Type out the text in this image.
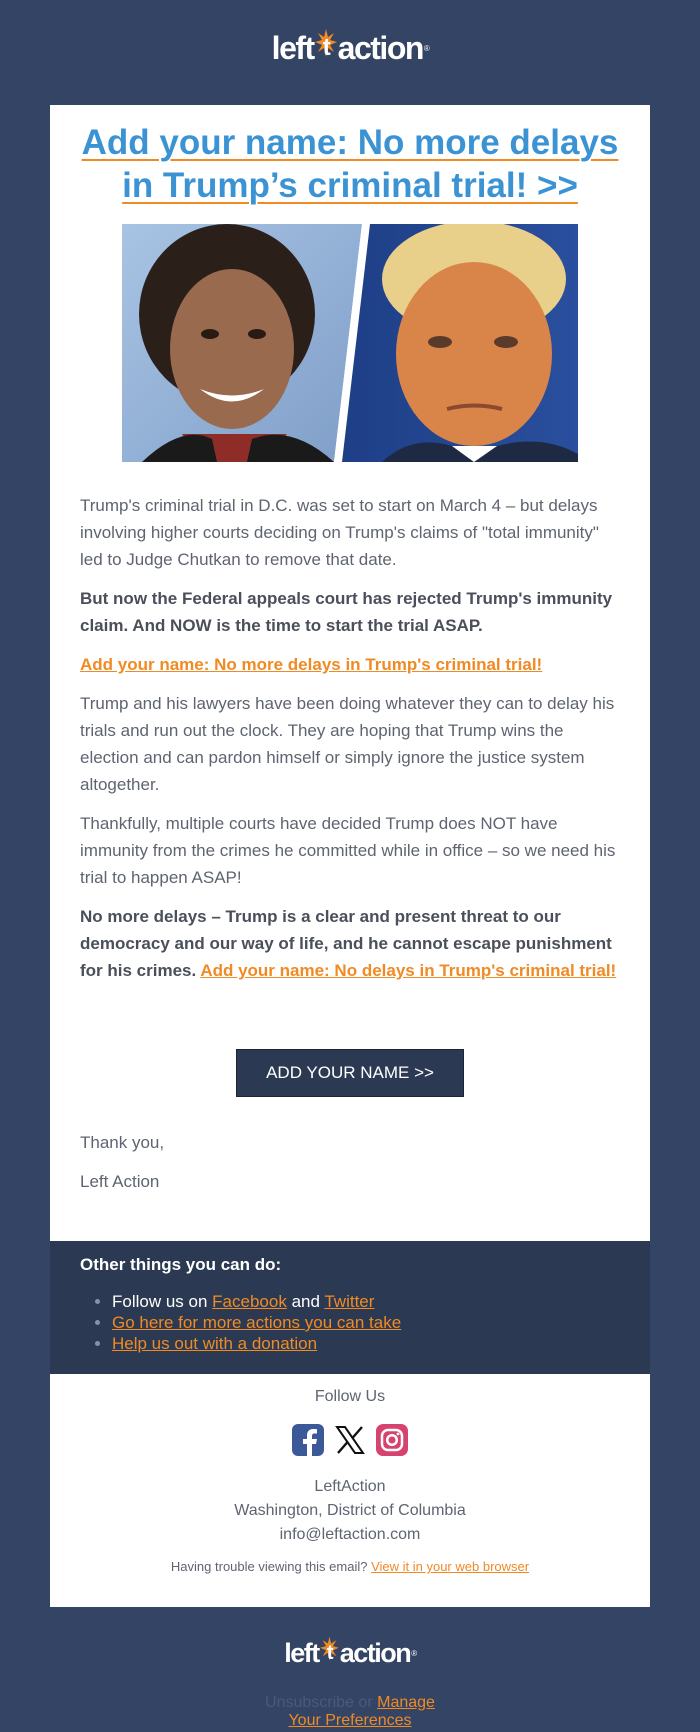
left t action ®
Add your name: No more delays in Trump’s criminal trial! >>

Trump's criminal trial in D.C. was set to start on March 4 – but delays involving higher courts deciding on Trump's claims of "total immunity" led to Judge Chutkan to remove that date.

But now the Federal appeals court has rejected Trump's immunity claim. And NOW is the time to start the trial ASAP.

Add your name: No more delays in Trump's criminal trial!

Trump and his lawyers have been doing whatever they can to delay his trials and run out the clock. They are hoping that Trump wins the election and can pardon himself or simply ignore the justice system altogether.

Thankfully, multiple courts have decided Trump does NOT have immunity from the crimes he committed while in office – so we need his trial to happen ASAP!

No more delays – Trump is a clear and present threat to our democracy and our way of life, and he cannot escape punishment for his crimes. Add your name: No delays in Trump's criminal trial!

ADD YOUR NAME >>

Thank you,

Left Action

Other things you can do:
• Follow us on Facebook and Twitter
• Go here for more actions you can take
• Help us out with a donation
Follow Us
LeftAction
Washington, District of Columbia
info@leftaction.com
Having trouble viewing this email? View it in your web browser
left t action ®
Unsubscribe or Manage
Your Preferences
